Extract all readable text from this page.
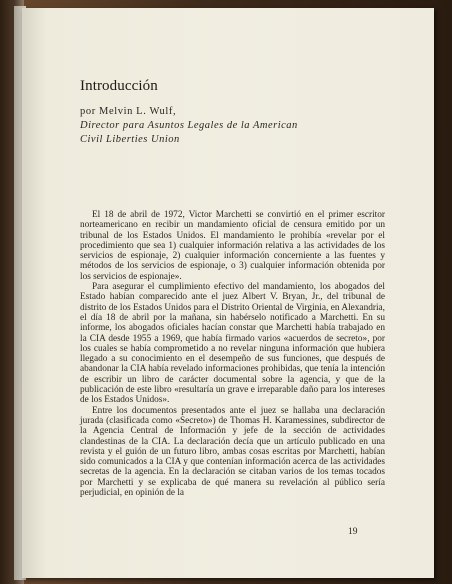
Introducción
por Melvin L. Wulf,
Director para Asuntos Legales de la American
Civil Liberties Union

El 18 de abril de 1972, Victor Marchetti se convirtió en el primer escritor norteamericano en recibir un mandamiento oficial de censura emitido por un tribunal de los Estados Unidos. El mandamiento le prohibía «revelar por el procedimiento que sea 1) cualquier información relativa a las actividades de los servicios de espionaje, 2) cualquier información concerniente a las fuentes y métodos de los servicios de espionaje, o 3) cualquier información obtenida por los servicios de espionaje».

Para asegurar el cumplimiento efectivo del mandamiento, los abogados del Estado habían comparecido ante el juez Albert V. Bryan, Jr., del tribunal de distrito de los Estados Unidos para el Distrito Oriental de Virginia, en Alexandria, el día 18 de abril por la mañana, sin habérselo notificado a Marchetti. En su informe, los abogados oficiales hacían constar que Marchetti había trabajado en la CIA desde 1955 a 1969, que había firmado varios «acuerdos de secreto», por los cuales se había comprometido a no revelar ninguna información que hubiera llegado a su conocimiento en el desempeño de sus funciones, que después de abandonar la CIA había revelado informaciones prohibidas, que tenía la intención de escribir un libro de carácter documental sobre la agencia, y que de la publicación de este libro «resultaría un grave e irreparable daño para los intereses de los Estados Unidos».

Entre los documentos presentados ante el juez se hallaba una declaración jurada (clasificada como «Secreto») de Thomas H. Karamessines, subdirector de la Agencia Central de Información y jefe de la sección de actividades clandestinas de la CIA. La declaración decía que un artículo publicado en una revista y el guión de un futuro libro, ambas cosas escritas por Marchetti, habían sido comunicados a la CIA y que contenían información acerca de las actividades secretas de la agencia. En la declaración se citaban varios de los temas tocados por Marchetti y se explicaba de qué manera su revelación al público sería perjudicial, en opinión de la

19
